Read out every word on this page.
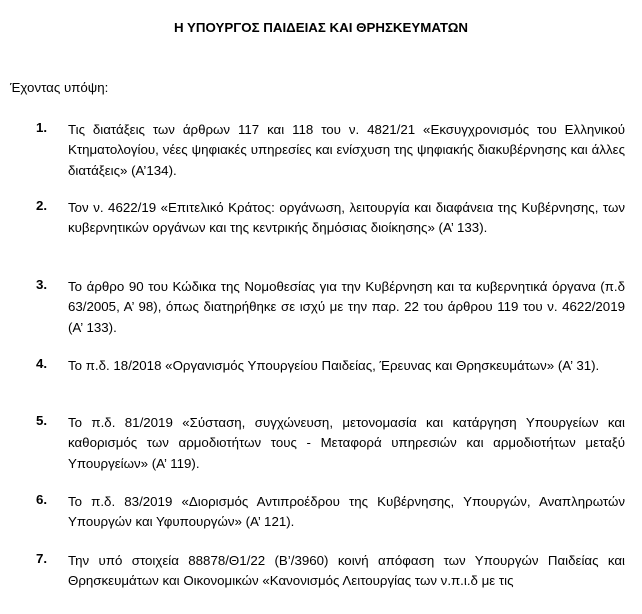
Η ΥΠΟΥΡΓΟΣ ΠΑΙΔΕΙΑΣ ΚΑΙ ΘΡΗΣΚΕΥΜΑΤΩΝ
Έχοντας υπόψη:
1. Τις διατάξεις των άρθρων 117 και 118 του ν. 4821/21 «Εκσυγχρονισμός του Ελληνικού Κτηματολογίου, νέες ψηφιακές υπηρεσίες και ενίσχυση της ψηφιακής διακυβέρνησης και άλλες διατάξεις» (Α’134).
2. Τον ν. 4622/19 «Επιτελικό Κράτος: οργάνωση, λειτουργία και διαφάνεια της Κυβέρνησης, των κυβερνητικών οργάνων και της κεντρικής δημόσιας διοίκησης» (Α’ 133).
3. Το άρθρο 90 του Κώδικα της Νομοθεσίας για την Κυβέρνηση και τα κυβερνητικά όργανα (π.δ 63/2005, Α’ 98), όπως διατηρήθηκε σε ισχύ με την παρ. 22 του άρθρου 119 του ν. 4622/2019 (Α’ 133).
4. Το π.δ. 18/2018 «Οργανισμός Υπουργείου Παιδείας, Έρευνας και Θρησκευμάτων» (Α’ 31).
5. Το π.δ. 81/2019 «Σύσταση, συγχώνευση, μετονομασία και κατάργηση Υπουργείων και καθορισμός των αρμοδιοτήτων τους - Μεταφορά υπηρεσιών και αρμοδιοτήτων μεταξύ Υπουργείων» (Α’ 119).
6. Το π.δ. 83/2019 «Διορισμός Αντιπροέδρου της Κυβέρνησης, Υπουργών, Αναπληρωτών Υπουργών και Υφυπουργών» (Α’ 121).
7. Την υπό στοιχεία 88878/Θ1/22 (Β’/3960) κοινή απόφαση των Υπουργών Παιδείας και Θρησκευμάτων και Οικονομικών «Κανονισμός Λειτουργίας των ν.π.ι.δ με τις
